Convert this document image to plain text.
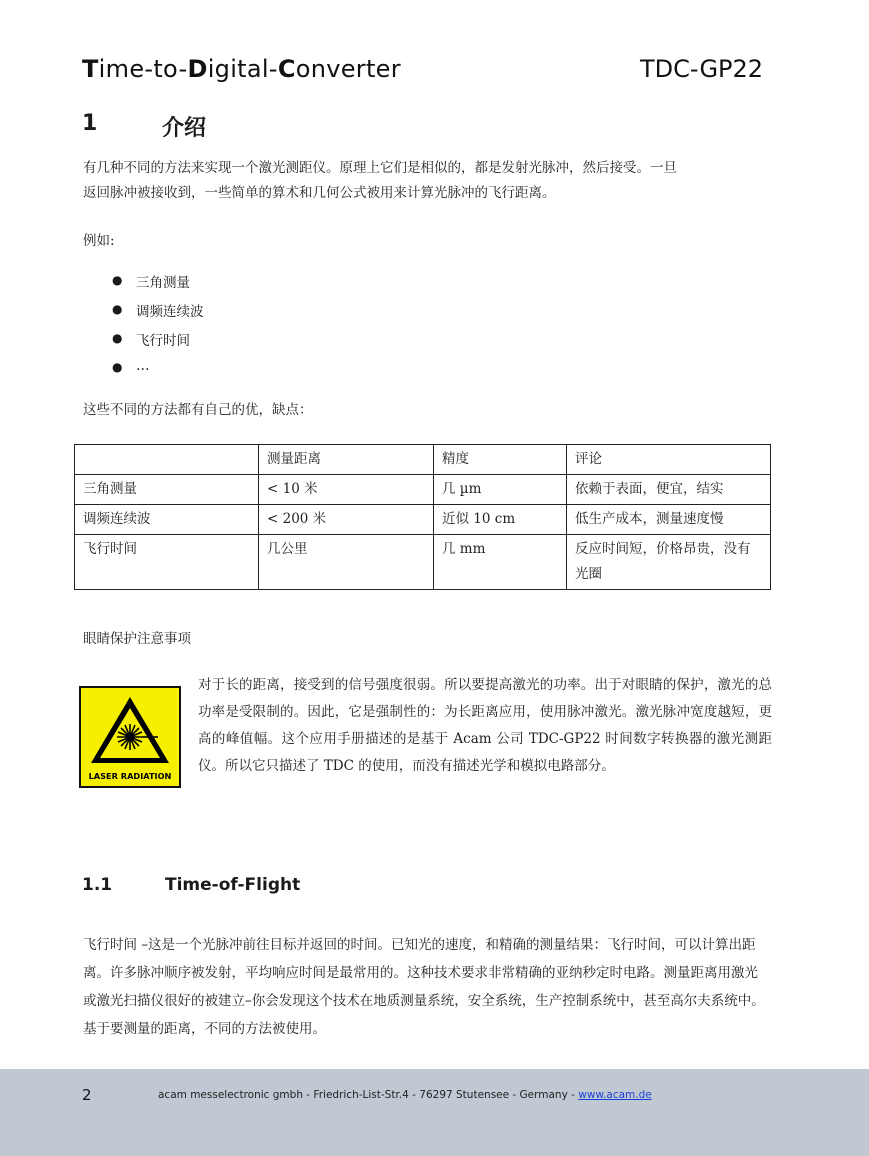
Time-to-Digital-Converter	TDC-GP22
1	介绍
有几种不同的方法来实现一个激光测距仪。原理上它们是相似的，都是发射光脉冲，然后接受。一旦
返回脉冲被接收到，一些简单的算术和几何公式被用来计算光脉冲的飞行距离。
例如:
● 三角测量
● 调频连续波
● 飞行时间
● …
这些不同的方法都有自己的优，缺点：
	测量距离	精度	评论
三角测量	< 10 米	几 µm	依赖于表面，便宜，结实
调频连续波	< 200 米	近似 10 cm	低生产成本，测量速度慢
飞行时间	几公里	几 mm	反应时间短，价格昂贵，没有光圈
眼睛保护注意事项
LASER RADIATION
对于长的距离，接受到的信号强度很弱。所以要提高激光的功率。出于对眼睛的保护，激光的总功率是受限制的。因此，它是强制性的：为长距离应用，使用脉冲激光。激光脉冲宽度越短，更高的峰值幅。这个应用手册描述的是基于 Acam 公司 TDC-GP22 时间数字转换器的激光测距仪。所以它只描述了 TDC 的使用，而没有描述光学和模拟电路部分。
1.1	Time-of-Flight
飞行时间 –这是一个光脉冲前往目标并返回的时间。已知光的速度，和精确的测量结果：飞行时间，可以计算出距离。许多脉冲顺序被发射，平均响应时间是最常用的。这种技术要求非常精确的亚纳秒定时电路。测量距离用激光或激光扫描仪很好的被建立–你会发现这个技术在地质测量系统，安全系统，生产控制系统中，甚至高尔夫系统中。基于要测量的距离，不同的方法被使用。
2	acam messelectronic gmbh - Friedrich-List-Str.4 - 76297 Stutensee - Germany - www.acam.de
